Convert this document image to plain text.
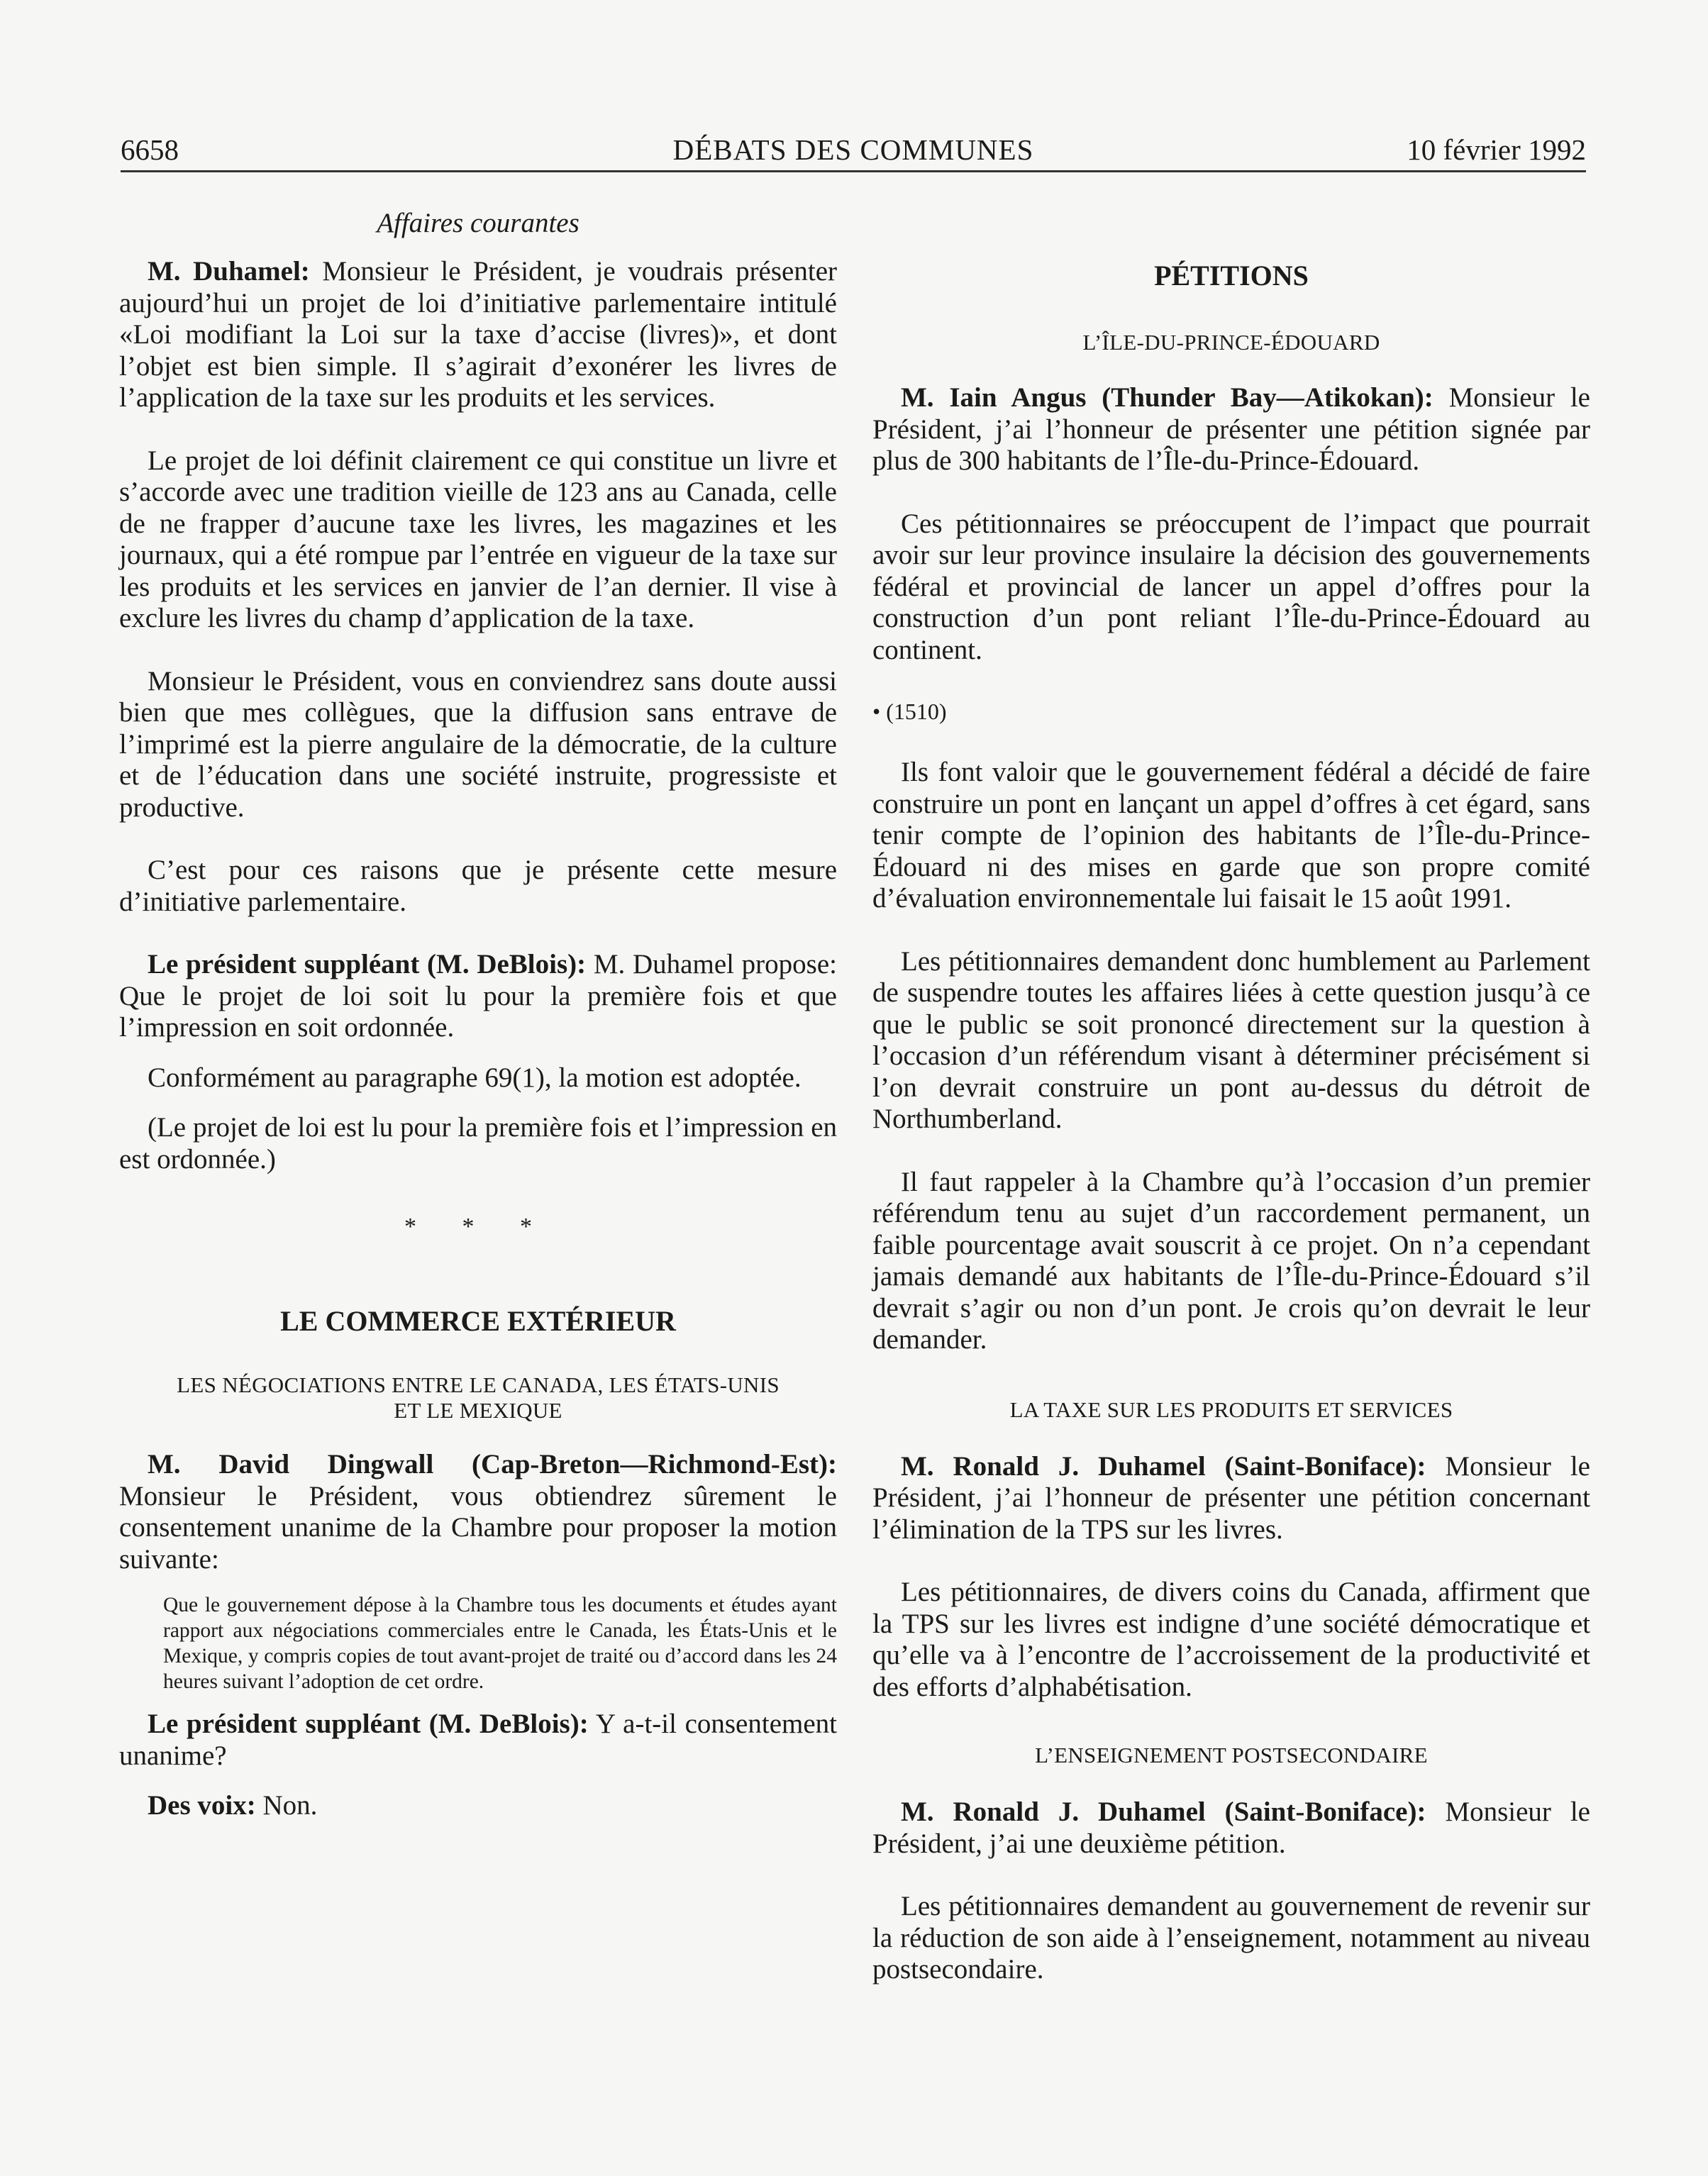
6658	DÉBATS DES COMMUNES	10 février 1992
Affaires courantes

M. Duhamel: Monsieur le Président, je voudrais présenter aujourd’hui un projet de loi d’initiative parlementaire intitulé «Loi modifiant la Loi sur la taxe d’accise (livres)», et dont l’objet est bien simple. Il s’agirait d’exonérer les livres de l’application de la taxe sur les produits et les services.

Le projet de loi définit clairement ce qui constitue un livre et s’accorde avec une tradition vieille de 123 ans au Canada, celle de ne frapper d’aucune taxe les livres, les magazines et les journaux, qui a été rompue par l’entrée en vigueur de la taxe sur les produits et les services en janvier de l’an dernier. Il vise à exclure les livres du champ d’application de la taxe.

Monsieur le Président, vous en conviendrez sans doute aussi bien que mes collègues, que la diffusion sans entrave de l’imprimé est la pierre angulaire de la démocratie, de la culture et de l’éducation dans une société instruite, progressiste et productive.

C’est pour ces raisons que je présente cette mesure d’initiative parlementaire.

Le président suppléant (M. DeBlois): M. Duhamel propose: Que le projet de loi soit lu pour la première fois et que l’impression en soit ordonnée.

Conformément au paragraphe 69(1), la motion est adoptée.

(Le projet de loi est lu pour la première fois et l’impression en est ordonnée.)

* * *
LE COMMERCE EXTÉRIEUR
LES NÉGOCIATIONS ENTRE LE CANADA, LES ÉTATS-UNIS
ET LE MEXIQUE

M. David Dingwall (Cap-Breton—Richmond-Est): Monsieur le Président, vous obtiendrez sûrement le consentement unanime de la Chambre pour proposer la motion suivante:

Que le gouvernement dépose à la Chambre tous les documents et études ayant rapport aux négociations commerciales entre le Canada, les États-Unis et le Mexique, y compris copies de tout avant-projet de traité ou d’accord dans les 24 heures suivant l’adoption de cet ordre.

Le président suppléant (M. DeBlois): Y a-t-il consentement unanime?

Des voix: Non.

PÉTITIONS
L’ÎLE-DU-PRINCE-ÉDOUARD

M. Iain Angus (Thunder Bay—Atikokan): Monsieur le Président, j’ai l’honneur de présenter une pétition signée par plus de 300 habitants de l’Île-du-Prince-Édouard.

Ces pétitionnaires se préoccupent de l’impact que pourrait avoir sur leur province insulaire la décision des gouvernements fédéral et provincial de lancer un appel d’offres pour la construction d’un pont reliant l’Île-du-Prince-Édouard au continent.

• (1510)

Ils font valoir que le gouvernement fédéral a décidé de faire construire un pont en lançant un appel d’offres à cet égard, sans tenir compte de l’opinion des habitants de l’Île-du-Prince-Édouard ni des mises en garde que son propre comité d’évaluation environnementale lui faisait le 15 août 1991.

Les pétitionnaires demandent donc humblement au Parlement de suspendre toutes les affaires liées à cette question jusqu’à ce que le public se soit prononcé directement sur la question à l’occasion d’un référendum visant à déterminer précisément si l’on devrait construire un pont au-dessus du détroit de Northumberland.

Il faut rappeler à la Chambre qu’à l’occasion d’un premier référendum tenu au sujet d’un raccordement permanent, un faible pourcentage avait souscrit à ce projet. On n’a cependant jamais demandé aux habitants de l’Île-du-Prince-Édouard s’il devrait s’agir ou non d’un pont. Je crois qu’on devrait le leur demander.

LA TAXE SUR LES PRODUITS ET SERVICES

M. Ronald J. Duhamel (Saint-Boniface): Monsieur le Président, j’ai l’honneur de présenter une pétition concernant l’élimination de la TPS sur les livres.

Les pétitionnaires, de divers coins du Canada, affirment que la TPS sur les livres est indigne d’une société démocratique et qu’elle va à l’encontre de l’accroissement de la productivité et des efforts d’alphabétisation.

L’ENSEIGNEMENT POSTSECONDAIRE

M. Ronald J. Duhamel (Saint-Boniface): Monsieur le Président, j’ai une deuxième pétition.

Les pétitionnaires demandent au gouvernement de revenir sur la réduction de son aide à l’enseignement, notamment au niveau postsecondaire.
